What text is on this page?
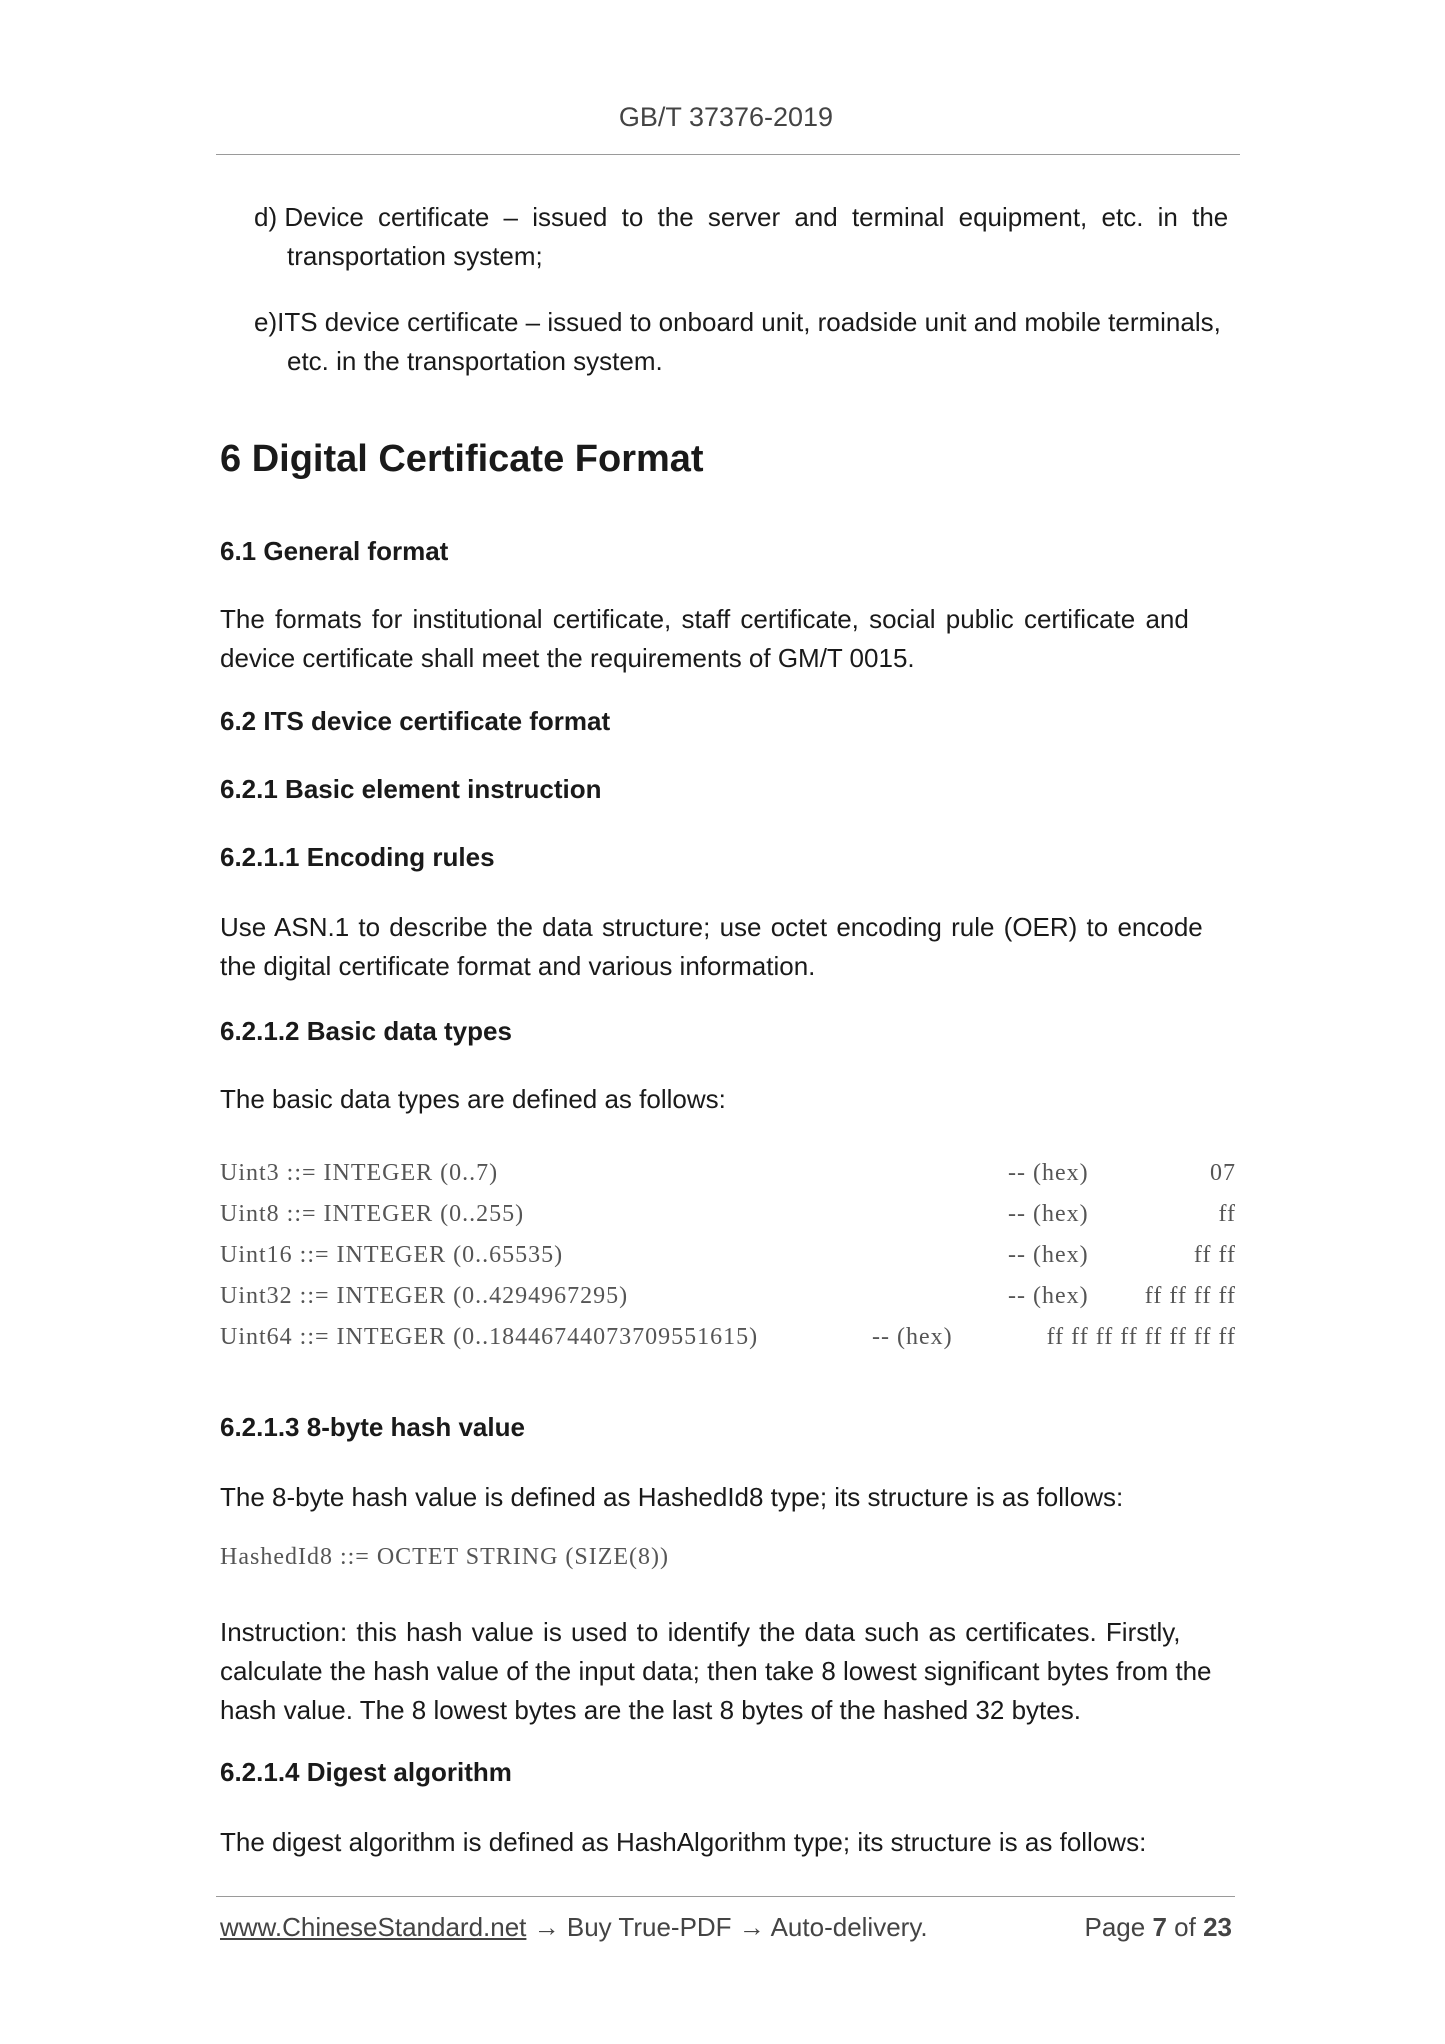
GB/T 37376-2019
d) Device certificate – issued to the server and terminal equipment, etc. in the
transportation system;
e)ITS device certificate – issued to onboard unit, roadside unit and mobile terminals,
etc. in the transportation system.
6 Digital Certificate Format
6.1 General format
The formats for institutional certificate, staff certificate, social public certificate and
device certificate shall meet the requirements of GM/T 0015.
6.2 ITS device certificate format
6.2.1 Basic element instruction
6.2.1.1 Encoding rules
Use ASN.1 to describe the data structure; use octet encoding rule (OER) to encode
the digital certificate format and various information.
6.2.1.2 Basic data types
The basic data types are defined as follows:
Uint3 ::= INTEGER (0..7)	-- (hex)	07
Uint8 ::= INTEGER (0..255)	-- (hex)	ff
Uint16 ::= INTEGER (0..65535)	-- (hex)	ff ff
Uint32 ::= INTEGER (0..4294967295)	-- (hex) ff ff ff ff
Uint64 ::= INTEGER (0..18446744073709551615)	-- (hex)	ff ff ff ff ff ff ff ff
6.2.1.3 8-byte hash value
The 8-byte hash value is defined as HashedId8 type; its structure is as follows:
HashedId8 ::= OCTET STRING (SIZE(8))
Instruction: this hash value is used to identify the data such as certificates. Firstly,
calculate the hash value of the input data; then take 8 lowest significant bytes from the
hash value. The 8 lowest bytes are the last 8 bytes of the hashed 32 bytes.
6.2.1.4 Digest algorithm
The digest algorithm is defined as HashAlgorithm type; its structure is as follows:
www.ChineseStandard.net → Buy True-PDF → Auto-delivery.	Page 7 of 23
